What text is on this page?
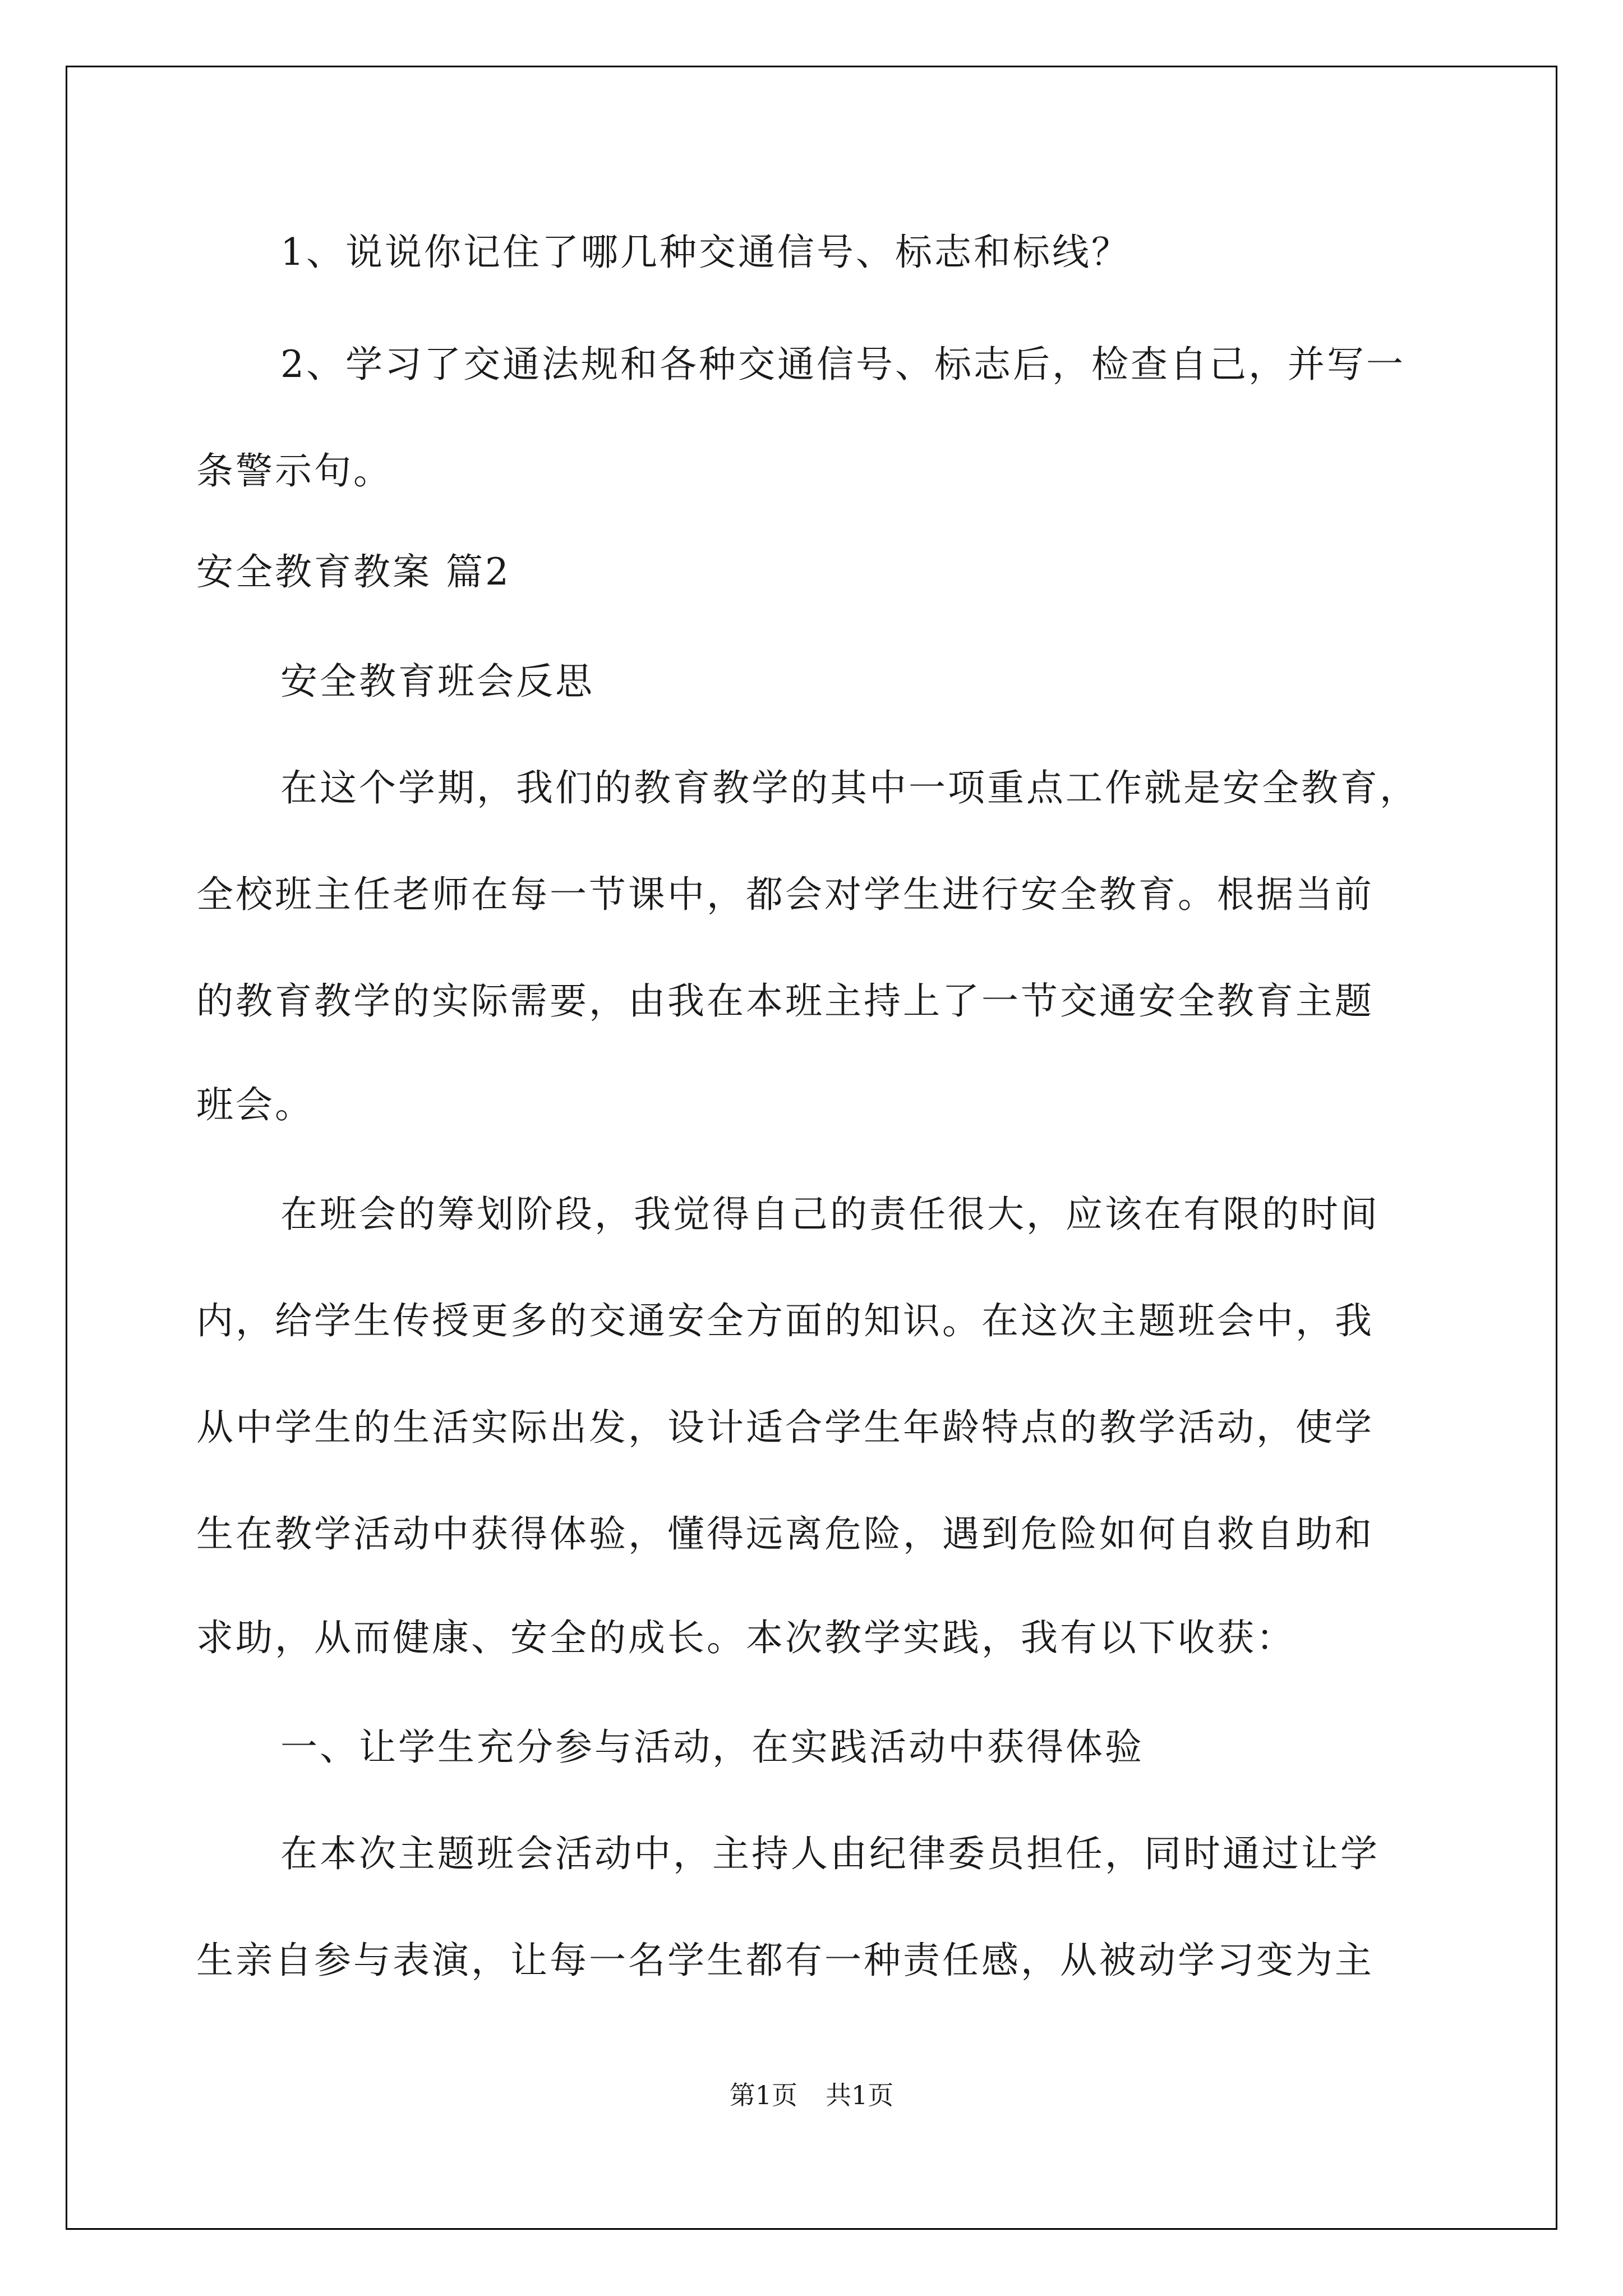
1、说说你记住了哪几种交通信号、标志和标线？

2、学习了交通法规和各种交通信号、标志后，检查自己，并写一

条警示句。

安全教育教案 篇2

安全教育班会反思

在这个学期，我们的教育教学的其中一项重点工作就是安全教育，

全校班主任老师在每一节课中，都会对学生进行安全教育。根据当前

的教育教学的实际需要，由我在本班主持上了一节交通安全教育主题

班会。

在班会的筹划阶段，我觉得自己的责任很大，应该在有限的时间

内，给学生传授更多的交通安全方面的知识。在这次主题班会中，我

从中学生的生活实际出发，设计适合学生年龄特点的教学活动，使学

生在教学活动中获得体验，懂得远离危险，遇到危险如何自救自助和

求助，从而健康、安全的成长。本次教学实践，我有以下收获：

一、让学生充分参与活动，在实践活动中获得体验

在本次主题班会活动中，主持人由纪律委员担任，同时通过让学

生亲自参与表演，让每一名学生都有一种责任感，从被动学习变为主

第1页 共1页
